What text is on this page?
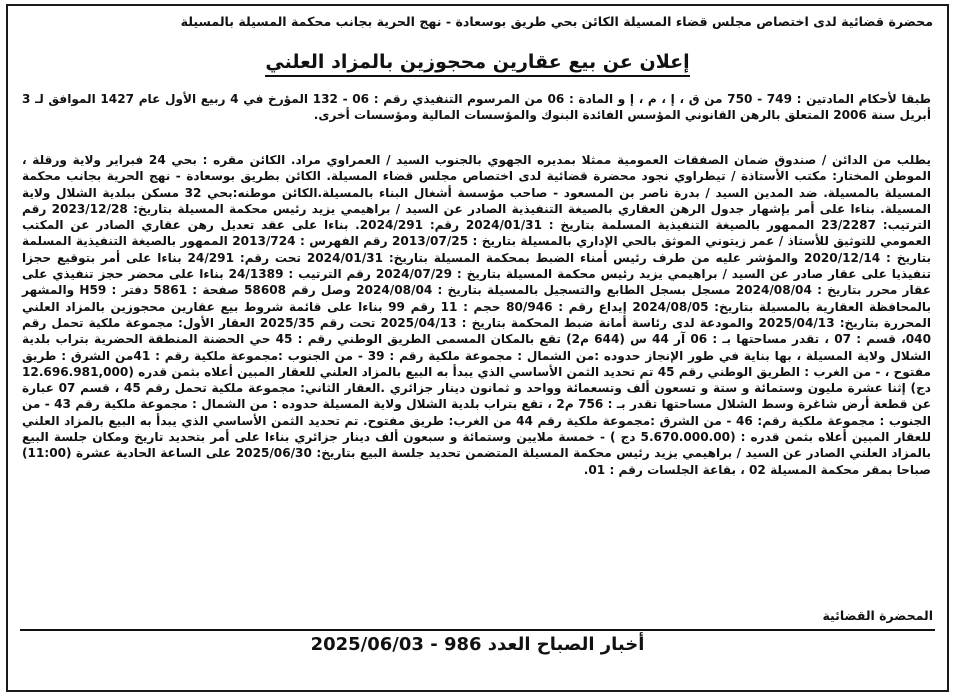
محضرة قضائية لدى اختصاص مجلس قضاء المسيلة الكائن بحي طريق بوسعادة - نهج الحرية بجانب محكمة المسيلة بالمسيلة
إعلان عن بيع عقارين محجوزين بالمزاد العلني

طبقا لأحكام المادتين : 749 - 750 من ق ، إ ، م ، إ و المادة : 06 من المرسوم التنفيذي رقم : 06 - 132 المؤرخ في 4 ربيع الأول عام 1427 الموافق لـ 3 أبريل سنة 2006 المتعلق بالرهن القانوني المؤسس الفائدة البنوك والمؤسسات المالية ومؤسسات أخرى.

يطلب من الدائن / صندوق ضمان الصفقات العمومية ممثلا بمديره الجهوي بالجنوب السيد / العمراوي مراد. الكائن مقره : بحي 24 فبراير ولاية ورقلة ، الموطن المختار: مكتب الأستاذة / تيطراوي نجود محضرة قضائية لدى اختصاص مجلس قضاء المسيلة. الكائن بطريق بوسعادة - نهج الحرية بجانب محكمة المسيلة بالمسيلة. ضد المدين السيد / بدرة ناصر بن المسعود - صاحب مؤسسة أشغال البناء بالمسيلة.الكائن موطنه:بحي 32 مسكن ببلدية الشلال ولاية المسيلة. بناءا على أمر بإشهار جدول الرهن العقاري بالصيغة التنفيذية الصادر عن السيد / براهيمي يزيد رئيس محكمة المسيلة بتاريخ: 2023/12/28 رقم الترتيب: 23/2287 الممهور بالصيغة التنفيذية المسلمة بتاريخ : 2024/01/31 رقم: 2024/291. بناءا على عقد تعديل رهن عقاري الصادر عن المكتب العمومي للتوثيق للأستاذ / عمر زيتوني الموثق بالحي الإداري بالمسيلة بتاريخ : 2013/07/25 رقم الفهرس : 2013/724 الممهور بالصيغة التنفيذية المسلمة بتاريخ : 2020/12/14 والمؤشر عليه من طرف رئيس أمناء الضبط بمحكمة المسيلة بتاريخ: 2024/01/31 تحت رقم: 24/291 بناءا على أمر بتوقيع حجزا تنفيذيا على عقار صادر عن السيد / براهيمي يزيد رئيس محكمة المسيلة بتاريخ : 2024/07/29 رقم الترتيب : 24/1389 بناءا على محضر حجز تنفيذي على عقار محرر بتاريخ : 2024/08/04 مسجل بسجل الطابع والتسجيل بالمسيلة بتاريخ : 2024/08/04 وصل رقم 58608 صفحة : 5861 دفتر : H59 والمشهر بالمحافظة العقارية بالمسيلة بتاريخ: 2024/08/05 إيداع رقم : 80/946 حجم : 11 رقم 99 بناءا على قائمة شروط بيع عقارين محجوزين بالمزاد العلني المحررة بتاريخ: 2025/04/13 والمودعة لدى رئاسة أمانة ضبط المحكمة بتاريخ : 2025/04/13 تحت رقم 2025/35 العقار الأول: مجموعة ملكية تحمل رقم 040، قسم : 07 ، تقدر مساحتها بـ : 06 آر 44 س (644 م2) تقع بالمكان المسمى الطريق الوطني رقم : 45 حي الحضنة المنطقة الحضرية بتراب بلدية الشلال ولاية المسيلة ، بها بناية في طور الإنجاز حدوده :من الشمال : مجموعة ملكية رقم : 39 - من الجنوب :مجموعة ملكية رقم : 41من الشرق : طريق مفتوح ، - من الغرب : الطريق الوطني رقم 45 تم تحديد الثمن الأساسي الذي يبدأ به البيع بالمزاد العلني للعقار المبين أعلاه بثمن قدره (12.696.981,000 دج) إثنا عشرة مليون وستمائة و ستة و تسعون ألف وتسعمائة وواحد و ثمانون دينار جزائري .العقار الثاني: مجموعة ملكية تحمل رقم 45 ، قسم 07 عبارة عن قطعة أرض شاغرة وسط الشلال مساحتها تقدر بـ : 756 م2 ، تقع بتراب بلدية الشلال ولاية المسيلة حدوده : من الشمال : مجموعة ملكية رقم 43 - من الجنوب : مجموعة ملكية رقم: 46 - من الشرق :مجموعة ملكية رقم 44 من الغرب: طريق مفتوح. تم تحديد الثمن الأساسي الذي يبدأ به البيع بالمزاد العلني للعقار المبين أعلاه بثمن قدره : (5.670.000.00 دج ) - خمسة ملايين وستمائة و سبعون ألف دينار جزائري بناءا على أمر بتحديد تاريخ ومكان جلسة البيع بالمزاد العلني الصادر عن السيد / براهيمي يزيد رئيس محكمة المسيلة المتضمن تحديد جلسة البيع بتاريخ: 2025/06/30 على الساعة الحادية عشرة (11:00) صباحا بمقر محكمة المسيلة 02 ، بقاعة الجلسات رقم : 01.

المحضرة القضائية
أخبار الصباح العدد 986 - 2025/06/03
